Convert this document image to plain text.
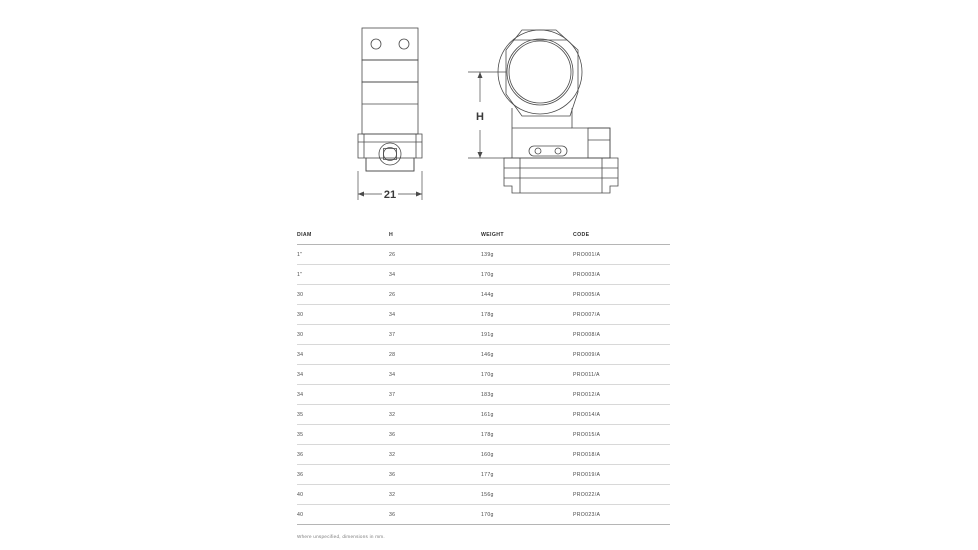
21
H
DIAM	H	WEIGHT	CODE
1"	26	139g	PRO001/A
1"	34	170g	PRO003/A
30	26	144g	PRO005/A
30	34	178g	PRO007/A
30	37	191g	PRO008/A
34	28	146g	PRO009/A
34	34	170g	PRO011/A
34	37	183g	PRO012/A
35	32	161g	PRO014/A
35	36	178g	PRO015/A
36	32	160g	PRO018/A
36	36	177g	PRO019/A
40	32	156g	PRO022/A
40	36	170g	PRO023/A
Where unspecified, dimensions in mm.
